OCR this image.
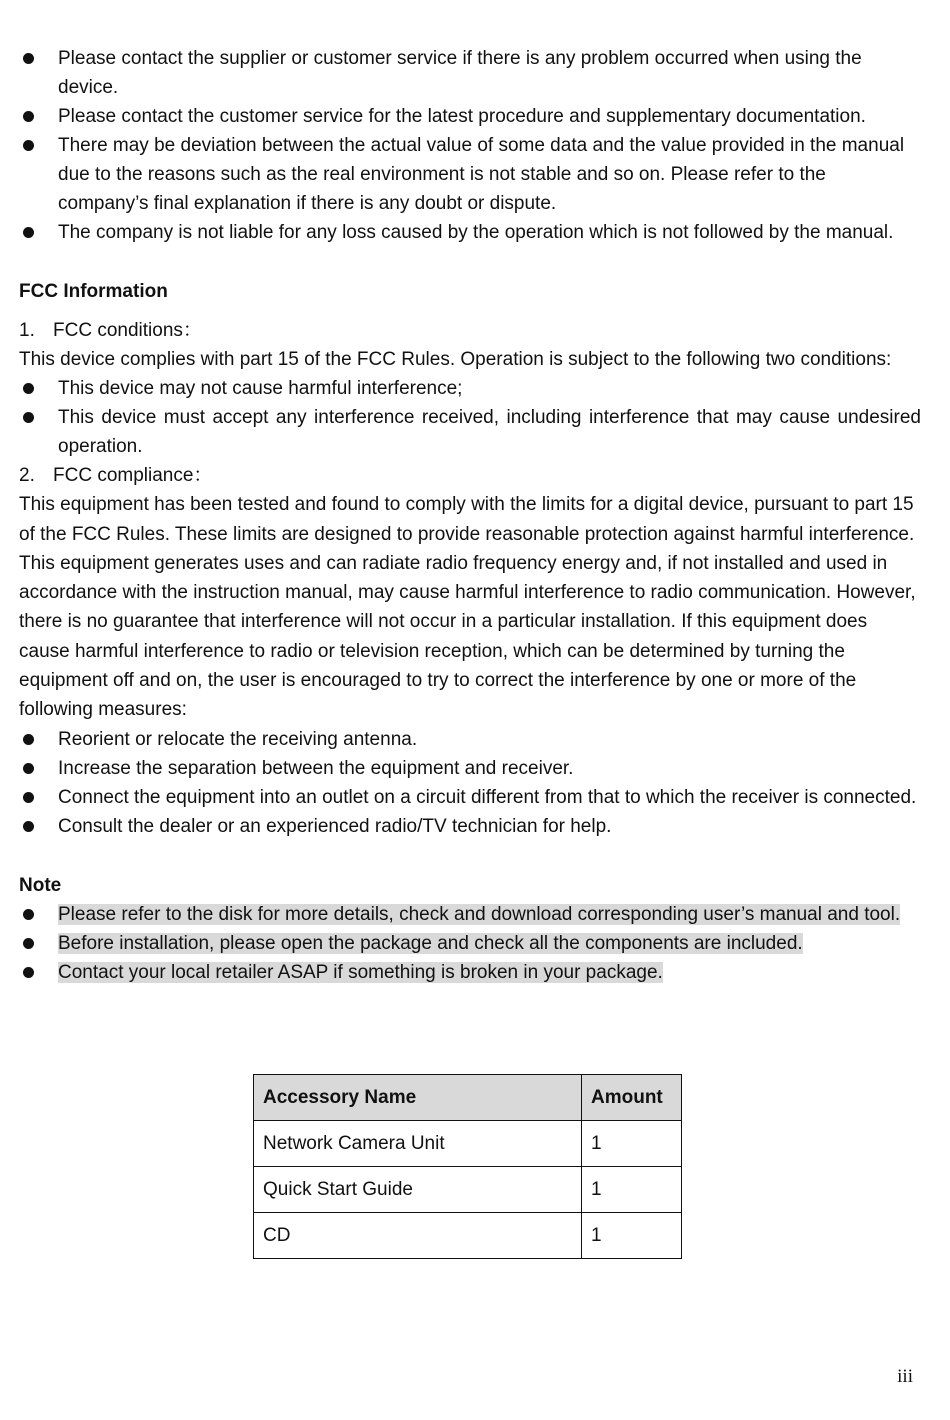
Please contact the supplier or customer service if there is any problem occurred when using the device.

Please contact the customer service for the latest procedure and supplementary documentation.

There may be deviation between the actual value of some data and the value provided in the manual due to the reasons such as the real environment is not stable and so on. Please refer to the company’s final explanation if there is any doubt or dispute.

The company is not liable for any loss caused by the operation which is not followed by the manual.

FCC Information

1. FCC conditions：

This device complies with part 15 of the FCC Rules. Operation is subject to the following two conditions:

This device may not cause harmful interference;

This device must accept any interference received, including interference that may cause undesired operation.

2. FCC compliance：

This equipment has been tested and found to comply with the limits for a digital device, pursuant to part 15 of the FCC Rules. These limits are designed to provide reasonable protection against harmful interference. This equipment generates uses and can radiate radio frequency energy and, if not installed and used in accordance with the instruction manual, may cause harmful interference to radio communication. However, there is no guarantee that interference will not occur in a particular installation. If this equipment does cause harmful interference to radio or television reception, which can be determined by turning the equipment off and on, the user is encouraged to try to correct the interference by one or more of the following measures:

Reorient or relocate the receiving antenna.

Increase the separation between the equipment and receiver.

Connect the equipment into an outlet on a circuit different from that to which the receiver is connected.

Consult the dealer or an experienced radio/TV technician for help.

Note

Please refer to the disk for more details, check and download corresponding user’s manual and tool.

Before installation, please open the package and check all the components are included.

Contact your local retailer ASAP if something is broken in your package.

Accessory Name	Amount
Network Camera Unit	1
Quick Start Guide	1
CD	1
iii
